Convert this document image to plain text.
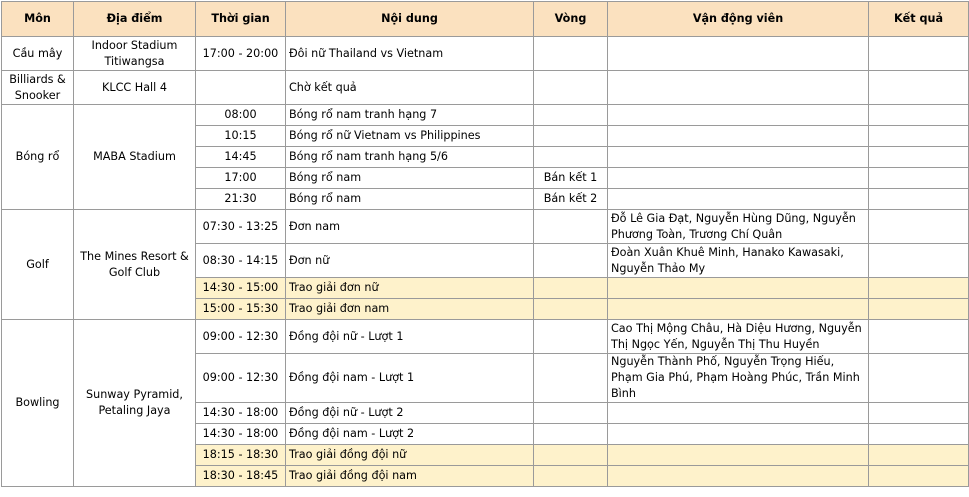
Môn	Địa điểm	Thời gian	Nội dung	Vòng	Vận động viên	Kết quả
Cầu mây	Indoor Stadium Titiwangsa	17:00 - 20:00	Đôi nữ Thailand vs Vietnam			
Billiards & Snooker	KLCC Hall 4		Chờ kết quả			
Bóng rổ	MABA Stadium	08:00	Bóng rổ nam tranh hạng 7			
		10:15	Bóng rổ nữ Vietnam vs Philippines			
		14:45	Bóng rổ nam tranh hạng 5/6			
		17:00	Bóng rổ nam	Bán kết 1		
		21:30	Bóng rổ nam	Bán kết 2		
Golf	The Mines Resort & Golf Club	07:30 - 13:25	Đơn nam		Đỗ Lê Gia Đạt, Nguyễn Hùng Dũng, Nguyễn Phương Toàn, Trương Chí Quân	
		08:30 - 14:15	Đơn nữ		Đoàn Xuân Khuê Minh, Hanako Kawasaki, Nguyễn Thảo My	
		14:30 - 15:00	Trao giải đơn nữ			
		15:00 - 15:30	Trao giải đơn nam			
Bowling	Sunway Pyramid, Petaling Jaya	09:00 - 12:30	Đồng đội nữ - Lượt 1		Cao Thị Mộng Châu, Hà Diệu Hương, Nguyễn Thị Ngọc Yến, Nguyễn Thị Thu Huyền	
		09:00 - 12:30	Đồng đội nam - Lượt 1		Nguyễn Thành Phố, Nguyễn Trọng Hiếu, Phạm Gia Phú, Phạm Hoàng Phúc, Trần Minh Bình	
		14:30 - 18:00	Đồng đội nữ - Lượt 2			
		14:30 - 18:00	Đồng đội nam - Lượt 2			
		18:15 - 18:30	Trao giải đồng đội nữ			
		18:30 - 18:45	Trao giải đồng đội nam			
